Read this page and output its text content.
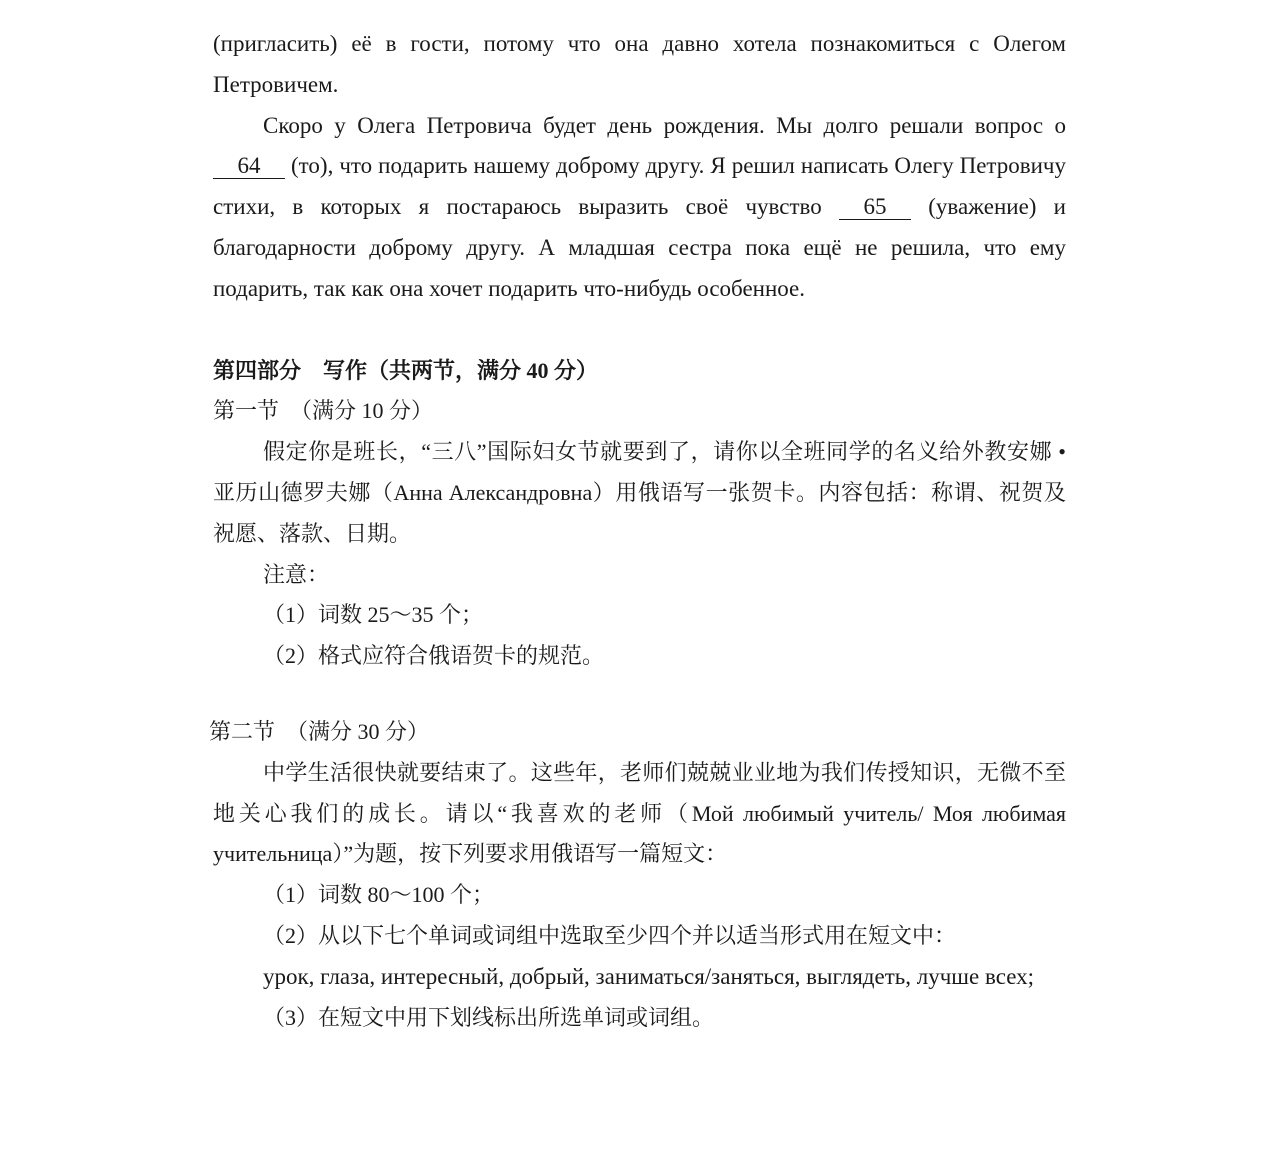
(пригласить) её в гости, потому что она давно хотела познакомиться с Олегом Петровичем.

Скоро у Олега Петровича будет день рождения. Мы долго решали вопрос о 64 (то), что подарить нашему доброму другу. Я решил написать Олегу Петровичу стихи, в которых я постараюсь выразить своё чувство 65 (уважение) и благодарности доброму другу. А младшая сестра пока ещё не решила, что ему подарить, так как она хочет подарить что-нибудь особенное.

第四部分　写作（共两节，满分 40 分）

第一节　（满分 10 分）

假定你是班长，“三八”国际妇女节就要到了，请你以全班同学的名义给外教安娜 • 亚历山德罗夫娜（Анна Александровна）用俄语写一张贺卡。内容包括：称谓、祝贺及祝愿、落款、日期。

注意：

（1）词数 25～35 个；

（2）格式应符合俄语贺卡的规范。

第二节　（满分 30 分）

中学生活很快就要结束了。这些年，老师们兢兢业业地为我们传授知识，无微不至地关心我们的成长。请以“我喜欢的老师（Мой любимый учитель/ Моя любимая учительница）”为题，按下列要求用俄语写一篇短文：

（1）词数 80～100 个；

（2）从以下七个单词或词组中选取至少四个并以适当形式用在短文中：

урок, глаза, интересный, добрый, заниматься/заняться, выглядеть, лучше всех;

（3）在短文中用下划线标出所选单词或词组。
